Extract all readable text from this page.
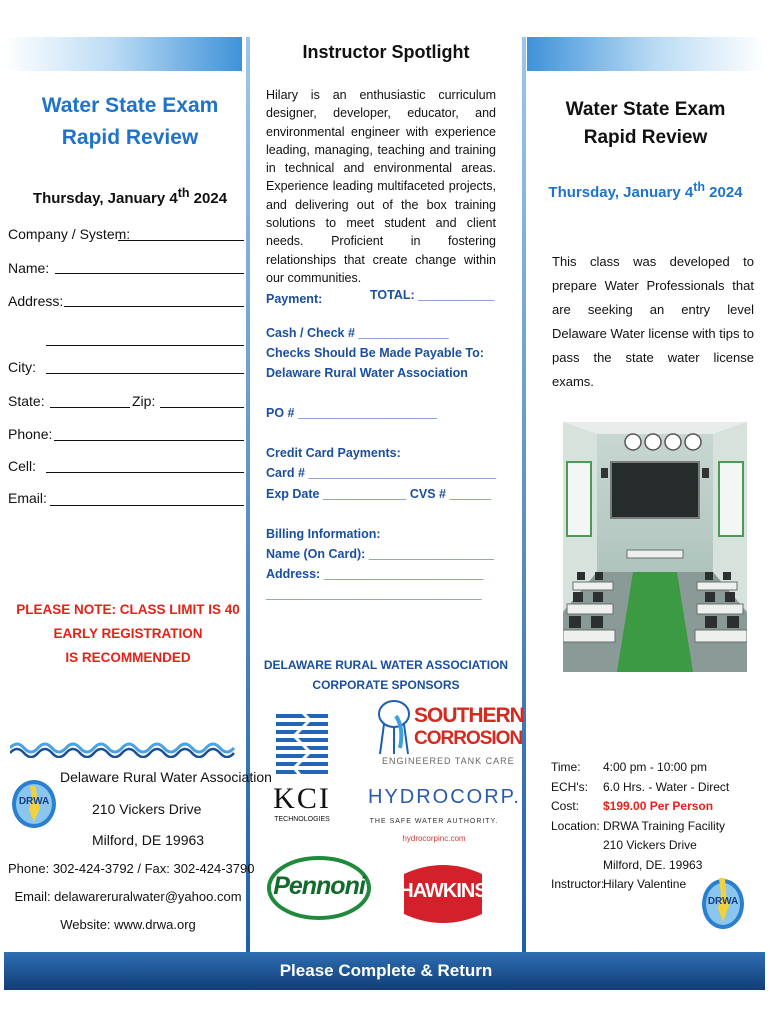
Please Complete & Return
Water State Exam
Rapid Review
Thursday, January 4th 2024
Company / System:
Name:
Address:
City:
State:	Zip:
Phone:
Cell:
Email:
PLEASE NOTE: CLASS LIMIT IS 40
EARLY REGISTRATION
IS RECOMMENDED
DRWA
Delaware Rural Water Association
210 Vickers Drive
Milford, DE 19963
Phone: 302-424-3792 / Fax: 302-424-3790
Email: delawareruralwater@yahoo.com
Website: www.drwa.org
Instructor Spotlight
Hilary is an enthusiastic curriculum designer, developer, educator, and environmental engineer with experience leading, managing, teaching and training in technical and environmental areas. Experience leading multifaceted projects, and delivering out of the box training solutions to meet student and client needs. Proficient in fostering relationships that create change within our communities.
Payment:	TOTAL: ___________
Cash / Check # _____________
Checks Should Be Made Payable To:
Delaware Rural Water Association
PO # ____________________
Credit Card Payments:
Card # ___________________________
Exp Date ____________ CVS # ______
Billing Information:
Name (On Card): __________________
Address: _______________________
_______________________________
DELAWARE RURAL WATER ASSOCIATION
CORPORATE SPONSORS
KCI
TECHNOLOGIES
SOUTHERN
CORROSION
ENGINEERED TANK CARE
HYDROCORP.
THE SAFE WATER AUTHORITY.
hydrocorpinc.com
Pennoni	HAWKINS
Water State Exam
Rapid Review
Thursday, January 4th 2024
This class was developed to prepare Water Professionals that are seeking an entry level Delaware Water license with tips to pass the state water license exams.
Time: 4:00 pm - 10:00 pm
ECH's: 6.0 Hrs. - Water - Direct
Cost: $199.00 Per Person
Location: DRWA Training Facility
210 Vickers Drive
Milford, DE. 19963
Instructor:
Hilary Valentine
DRWA
